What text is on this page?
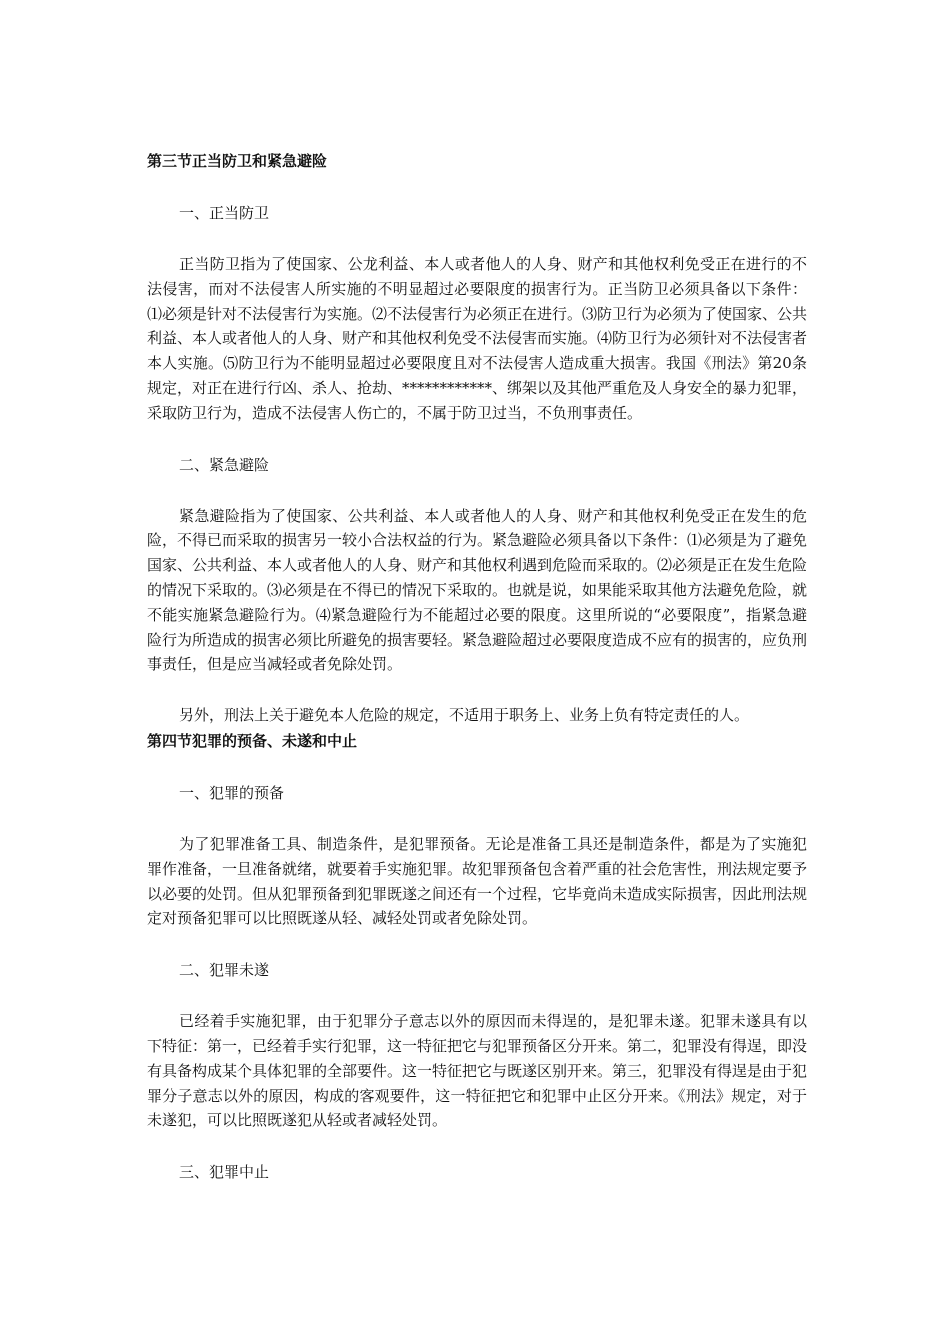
第三节正当防卫和紧急避险

一、正当防卫

正当防卫指为了使国家、公龙利益、本人或者他人的人身、财产和其他权利免受正在进行的不法侵害，而对不法侵害人所实施的不明显超过必要限度的损害行为。正当防卫必须具备以下条件： ⑴必须是针对不法侵害行为实施。⑵不法侵害行为必须正在进行。⑶防卫行为必须为了使国家、公共利益、本人或者他人的人身、财产和其他权利免受不法侵害而实施。⑷防卫行为必须针对不法侵害者本人实施。⑸防卫行为不能明显超过必要限度且对不法侵害人造成重大损害。我国《刑法》第20条规定，对正在进行行凶、杀人、抢劫、************、绑架以及其他严重危及人身安全的暴力犯罪，采取防卫行为，造成不法侵害人伤亡的，不属于防卫过当，不负刑事责任。

二、紧急避险

紧急避险指为了使国家、公共利益、本人或者他人的人身、财产和其他权利免受正在发生的危险，不得已而采取的损害另一较小合法权益的行为。紧急避险必须具备以下条件：⑴必须是为了避免国家、公共利益、本人或者他人的人身、财产和其他权利遇到危险而采取的。⑵必须是正在发生危险的情况下采取的。⑶必须是在不得已的情况下采取的。也就是说，如果能采取其他方法避免危险，就不能实施紧急避险行为。⑷紧急避险行为不能超过必要的限度。这里所说的“必要限度”，指紧急避险行为所造成的损害必须比所避免的损害要轻。紧急避险超过必要限度造成不应有的损害的，应负刑事责任，但是应当减轻或者免除处罚。

另外，刑法上关于避免本人危险的规定，不适用于职务上、业务上负有特定责任的人。

第四节犯罪的预备、未遂和中止

一、犯罪的预备

为了犯罪准备工具、制造条件，是犯罪预备。无论是准备工具还是制造条件，都是为了实施犯罪作准备，一旦准备就绪，就要着手实施犯罪。故犯罪预备包含着严重的社会危害性，刑法规定要予以必要的处罚。但从犯罪预备到犯罪既遂之间还有一个过程，它毕竟尚未造成实际损害，因此刑法规定对预备犯罪可以比照既遂从轻、减轻处罚或者免除处罚。

二、犯罪未遂

已经着手实施犯罪，由于犯罪分子意志以外的原因而未得逞的，是犯罪未遂。犯罪未遂具有以下特征：第一，已经着手实行犯罪，这一特征把它与犯罪预备区分开来。第二，犯罪没有得逞，即没有具备构成某个具体犯罪的全部要件。这一特征把它与既遂区别开来。第三，犯罪没有得逞是由于犯罪分子意志以外的原因，构成的客观要件，这一特征把它和犯罪中止区分开来。《刑法》规定，对于未遂犯，可以比照既遂犯从轻或者减轻处罚。

三、犯罪中止
